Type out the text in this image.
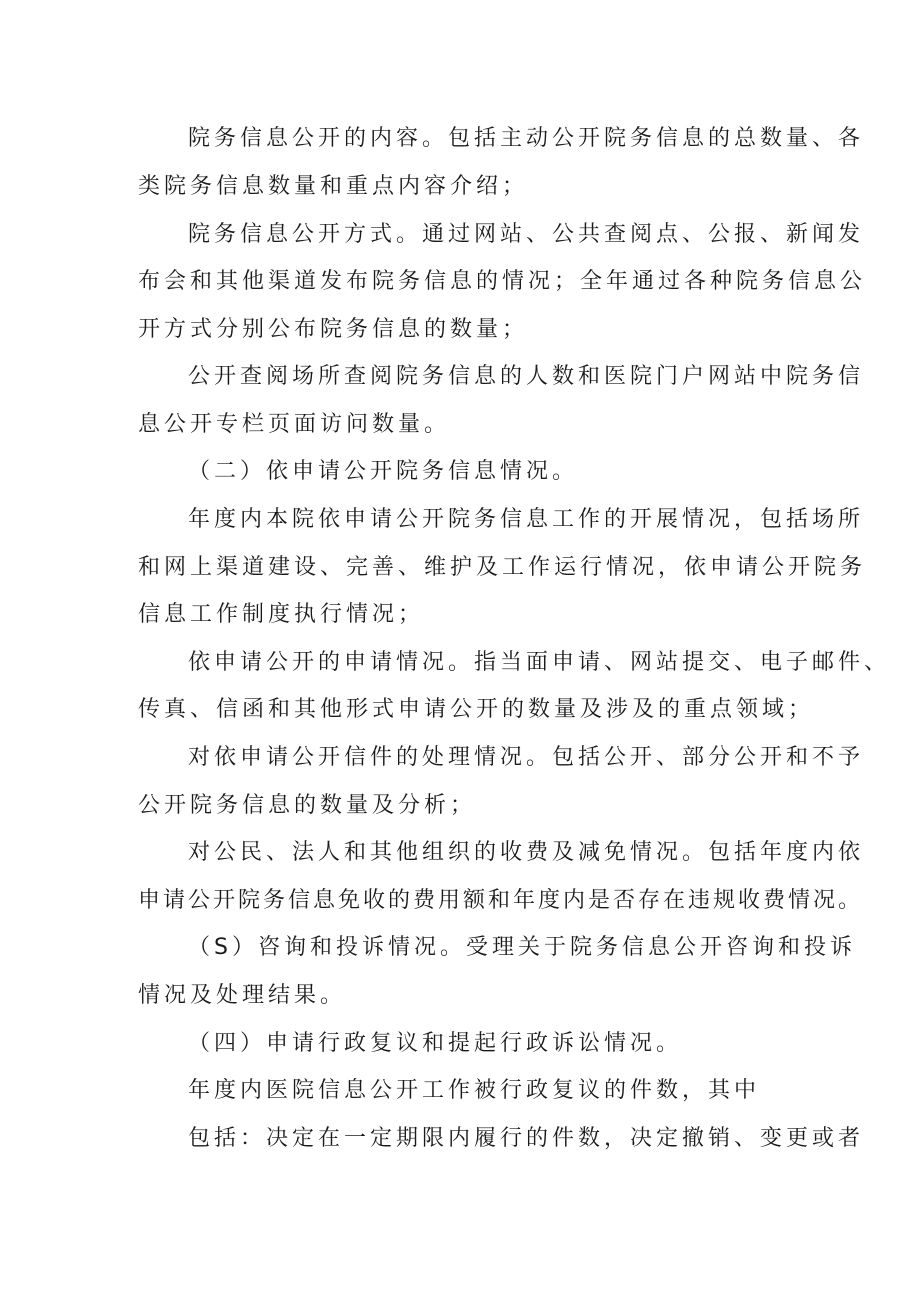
院务信息公开的内容。包括主动公开院务信息的总数量、各

类院务信息数量和重点内容介绍；

院务信息公开方式。通过网站、公共查阅点、公报、新闻发

布会和其他渠道发布院务信息的情况；全年通过各种院务信息公

开方式分别公布院务信息的数量；

公开查阅场所查阅院务信息的人数和医院门户网站中院务信

息公开专栏页面访问数量。

（二）依申请公开院务信息情况。

年度内本院依申请公开院务信息工作的开展情况，包括场所

和网上渠道建设、完善、维护及工作运行情况，依申请公开院务

信息工作制度执行情况；

依申请公开的申请情况。指当面申请、网站提交、电子邮件、

传真、信函和其他形式申请公开的数量及涉及的重点领域；

对依申请公开信件的处理情况。包括公开、部分公开和不予

公开院务信息的数量及分析；

对公民、法人和其他组织的收费及减免情况。包括年度内依

申请公开院务信息免收的费用额和年度内是否存在违规收费情况。

（S）咨询和投诉情况。受理关于院务信息公开咨询和投诉

情况及处理结果。

（四）申请行政复议和提起行政诉讼情况。

年度内医院信息公开工作被行政复议的件数，其中

包括：决定在一定期限内履行的件数，决定撤销、变更或者
